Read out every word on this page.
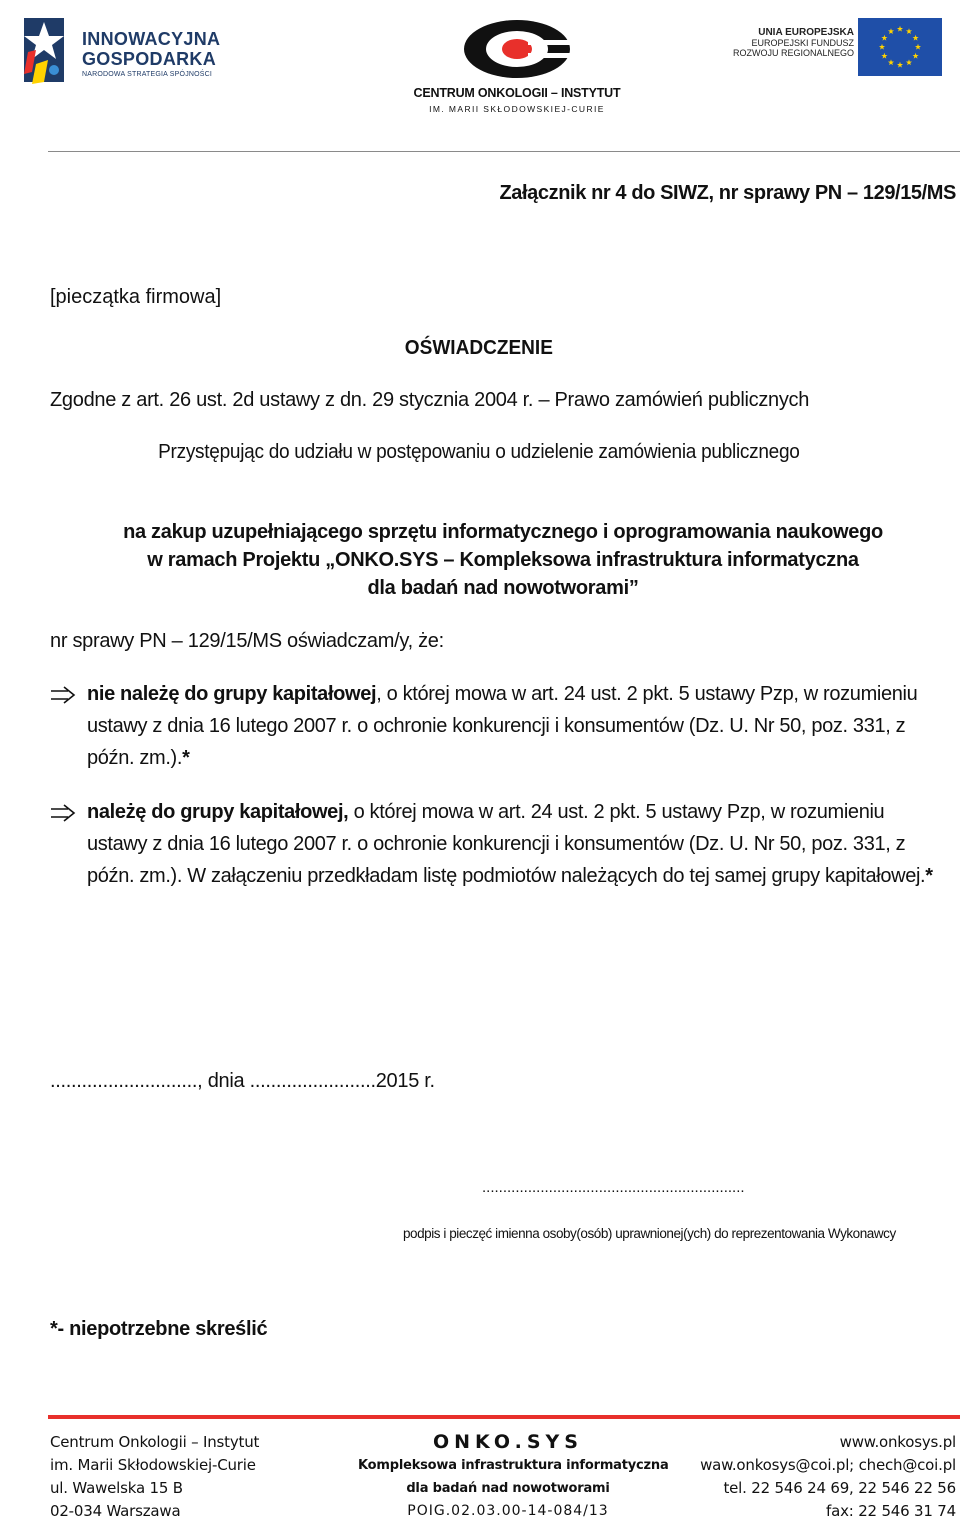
INNOWACYJNA
GOSPODARKA
NARODOWA STRATEGIA SPÓJNOŚCI
CENTRUM ONKOLOGII – INSTYTUT
IM. MARII SKŁODOWSKIEJ-CURIE
UNIA EUROPEJSKA
EUROPEJSKI FUNDUSZ
ROZWOJU REGIONALNEGO
Załącznik nr 4 do SIWZ, nr sprawy PN – 129/15/MS
[pieczątka firmowa]
OŚWIADCZENIE
Zgodne z art. 26 ust. 2d ustawy z dn. 29 stycznia 2004 r. – Prawo zamówień publicznych
Przystępując do udziału w postępowaniu o udzielenie zamówienia publicznego
na zakup uzupełniającego sprzętu informatycznego i oprogramowania naukowego
w ramach Projektu „ONKO.SYS – Kompleksowa infrastruktura informatyczna
dla badań nad nowotworami”
nr sprawy PN – 129/15/MS oświadczam/y, że:
nie należę do grupy kapitałowej, o której mowa w art. 24 ust. 2 pkt. 5 ustawy Pzp, w rozumieniu
ustawy z dnia 16 lutego 2007 r. o ochronie konkurencji i konsumentów (Dz. U. Nr 50, poz. 331, z
późn. zm.).*
należę do grupy kapitałowej, o której mowa w art. 24 ust. 2 pkt. 5 ustawy Pzp, w rozumieniu
ustawy z dnia 16 lutego 2007 r. o ochronie konkurencji i konsumentów (Dz. U. Nr 50, poz. 331, z
późn. zm.). W załączeniu przedkładam listę podmiotów należących do tej samej grupy kapitałowej.*
............................, dnia ........................2015 r.
...............................................................
podpis i pieczęć imienna osoby(osób) uprawnionej(ych) do reprezentowania Wykonawcy
*- niepotrzebne skreślić
Centrum Onkologii – Instytut
im. Marii Skłodowskiej-Curie
ul. Wawelska 15 B
02-034 Warszawa
ONKO.SYS
Kompleksowa infrastruktura informatyczna
dla badań nad nowotworami
POIG.02.03.00-14-084/13
www.onkosys.pl
waw.onkosys@coi.pl; chech@coi.pl
tel. 22 546 24 69, 22 546 22 56
fax: 22 546 31 74
